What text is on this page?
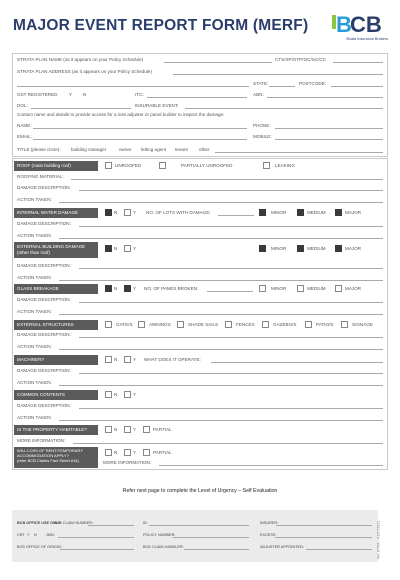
MAJOR EVENT REPORT FORM (MERF) B
CB
Strata Insurance Brokers
STRATA PLAN NAME (as it appears on your Policy Schedule)	CTS/SP/GTP/OC/SC/CC
STRATA PLAN ADDRESS (as it appears on your Policy Schedule)
STATE:	POSTCODE:
GST REGISTERED Y N	ITC:	ABN:
DOL:	INSURABLE EVENT:
Contact name and details to provide access for a loss adjuster or panel builder to inspect the damage:
NAME:	PHONE:
EMAIL:	MOBILE:
TITLE (please circle): building manager	owner letting agent tenant other
ROOF (main building roof)	UNROOFED	PARTIALLY UNROOFED	LEAKING
ROOFING MATERIAL:
DAMAGE DESCRIPTION:
ACTION TAKEN:
INTERNAL WATER DAMAGE	N	Y NO. OF LOTS WITH DAMAGE:	MINOR	MEDIUM	MAJOR
DAMAGE DESCRIPTION:
ACTION TAKEN:
EXTERNAL BUILDING DAMAGE
(other than roof)
N	Y	MINOR	MEDIUM	MAJOR
DAMAGE DESCRIPTION:
ACTION TAKEN:
GLASS BREAKAGE	N	Y NO. OF PANES BROKEN:	MINOR	MEDIUM	MAJOR
DAMAGE DESCRIPTION:
ACTION TAKEN:
EXTERNAL STRUCTURES	GATE/S	AWNINGS	SHADE SAILS	FENCES	GAZEBO/S	PATIO/S	SIGNAGE
DAMAGE DESCRIPTION:
ACTION TAKEN:
MACHINERY	N	Y WHAT DOES IT OPERATE:
DAMAGE DESCRIPTION:
ACTION TAKEN:
COMMON CONTENTS	N	Y
DAMAGE DESCRIPTION:
ACTION TAKEN:
IS THE PROPERTY HABITABLE?	N	Y	PARTIAL
MORE INFORMATION:
WILL LOSS OF RENT/TEMPORARY
ACCOMMODATION APPLY?
(refer BCB Claims Fact Sheet #16)
N	Y	PARTIAL
MORE INFORMATION:
Refer next page to complete the Level of Urgency – Self Evaluation
BCB OFFICE USE ONLY:
BCB CLAIM NUMBER:	ID:	INSURER:
CRT Y N JMN:	POLICY NUMBER:	EXCESS:
BCB OFFICE OF ORIGIN:	BCB CLAIM HANDLER:	ADJUSTER APPOINTED:	Ver. 07/PA – 01/07/2021
